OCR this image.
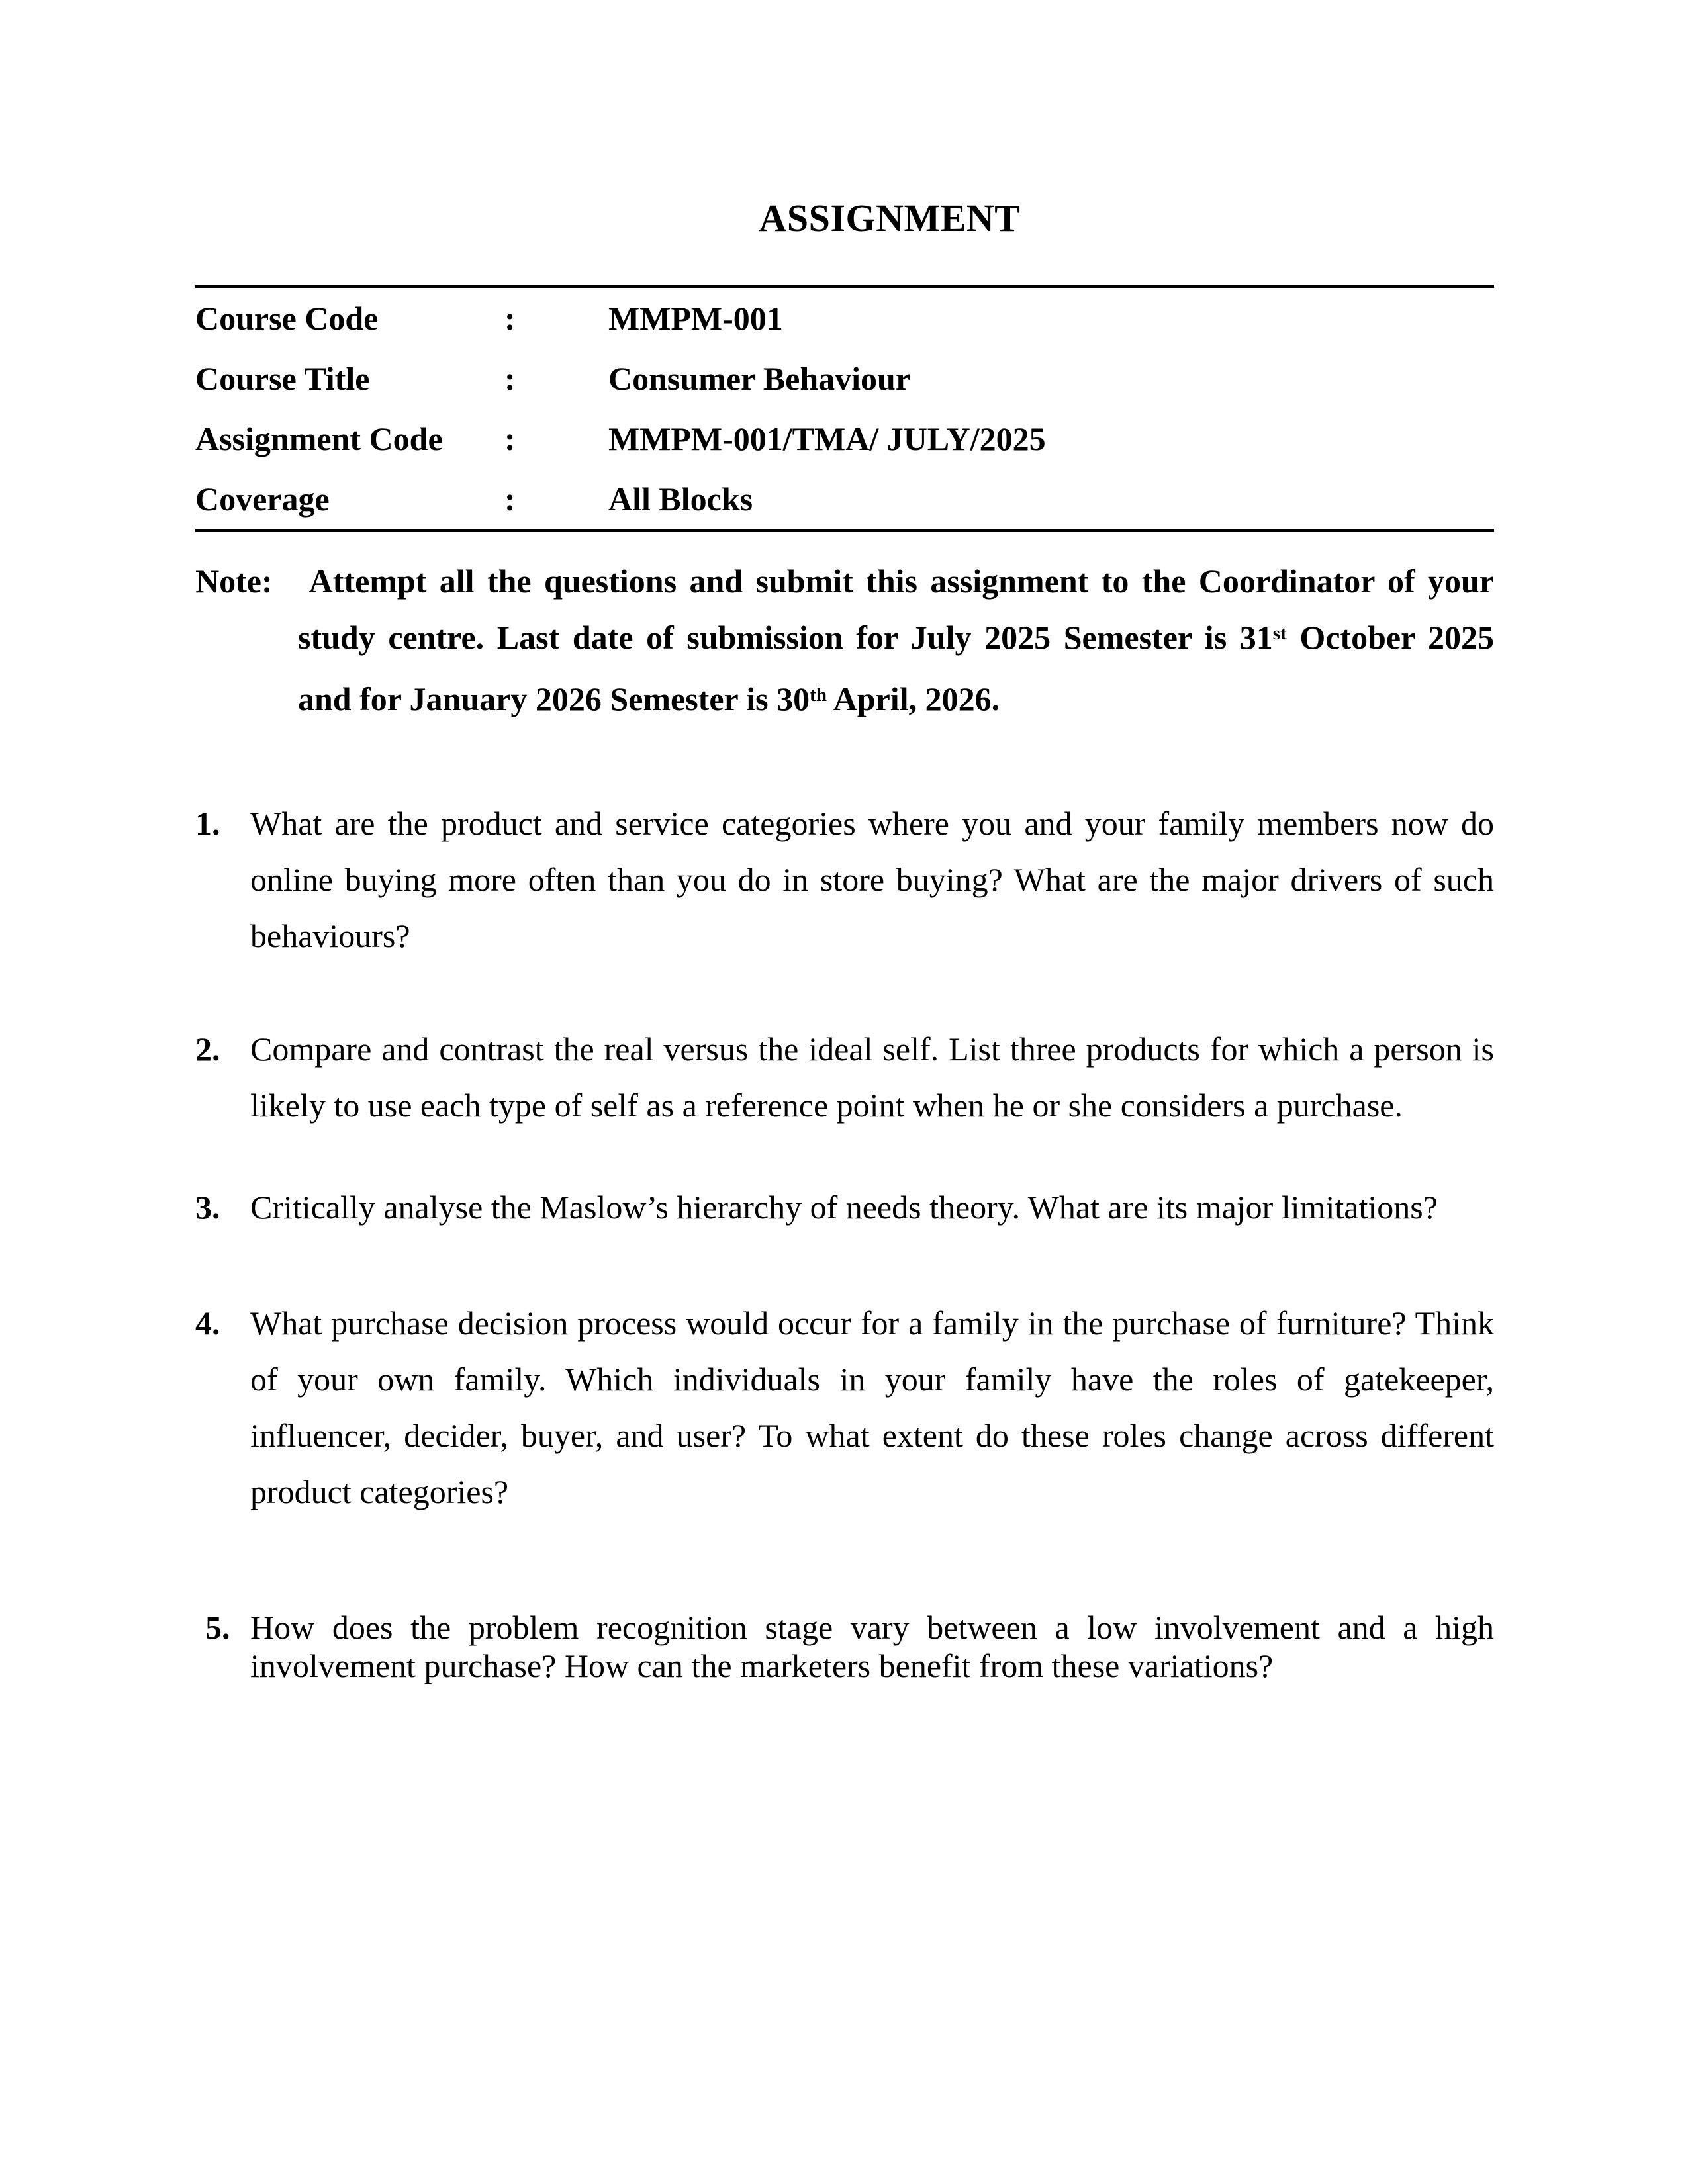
ASSIGNMENT
Course Code	:	MMPM-001
Course Title	:	Consumer Behaviour
Assignment Code	:	MMPM-001/TMA/ JULY/2025
Coverage	:	All Blocks

Note: Attempt all the questions and submit this assignment to the Coordinator of your study centre. Last date of submission for July 2025 Semester is 31st October 2025 and for January 2026 Semester is 30th April, 2026.

1. What are the product and service categories where you and your family members now do online buying more often than you do in store buying? What are the major drivers of such behaviours?
2. Compare and contrast the real versus the ideal self. List three products for which a person is likely to use each type of self as a reference point when he or she considers a purchase.
3. Critically analyse the Maslow’s hierarchy of needs theory. What are its major limitations?
4. What purchase decision process would occur for a family in the purchase of furniture? Think of your own family. Which individuals in your family have the roles of gatekeeper, influencer, decider, buyer, and user? To what extent do these roles change across different product categories?
5. How does the problem recognition stage vary between a low involvement and a high involvement purchase? How can the marketers benefit from these variations?
